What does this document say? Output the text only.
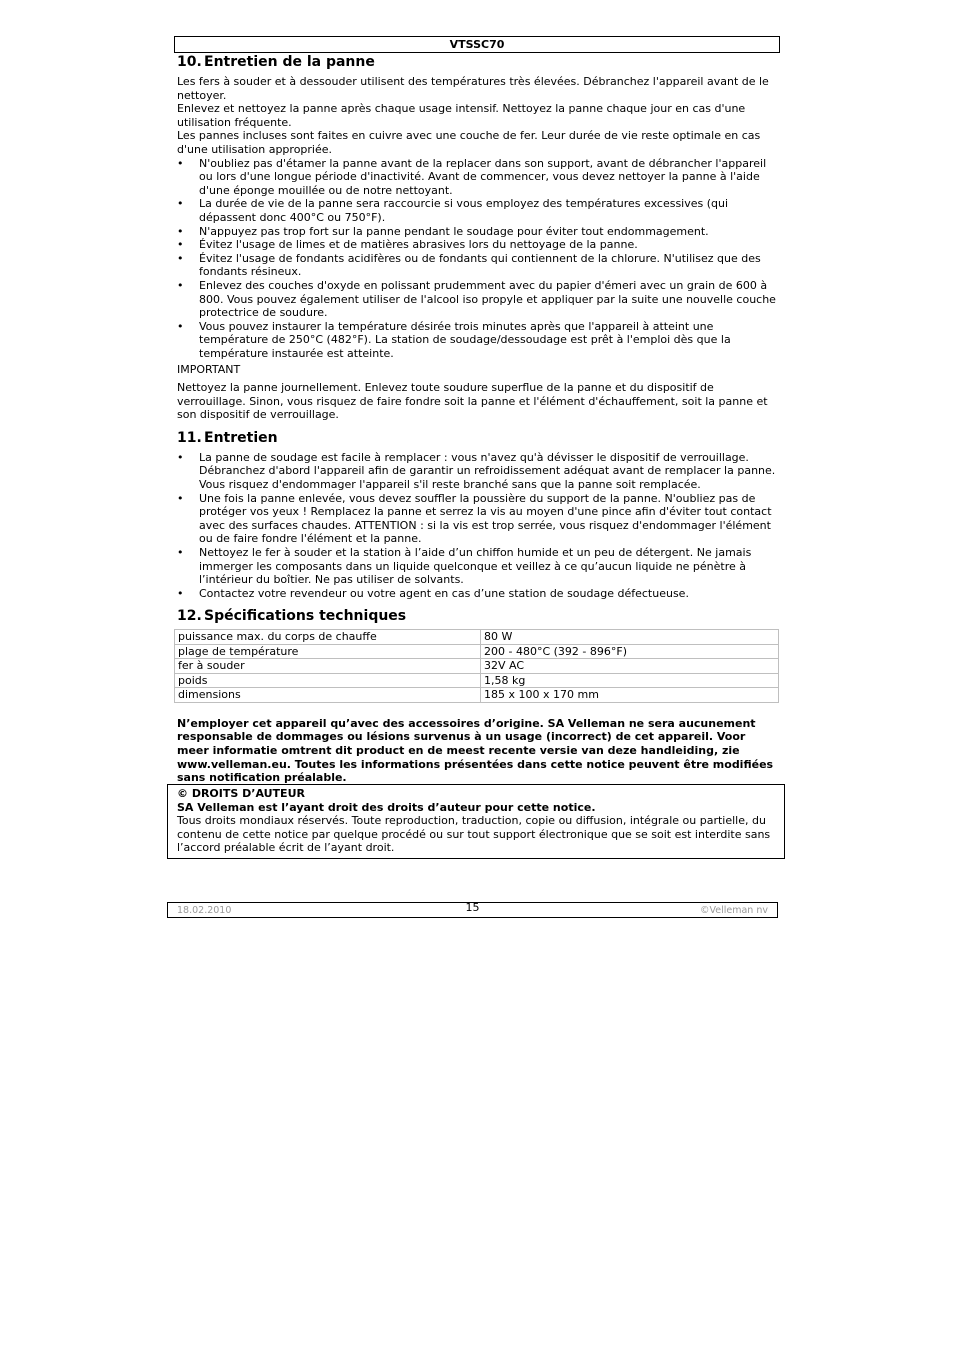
VTSSC70
10. Entretien de la panne

Les fers à souder et à dessouder utilisent des températures très élevées. Débranchez l'appareil avant de le nettoyer.

Enlevez et nettoyez la panne après chaque usage intensif. Nettoyez la panne chaque jour en cas d'une utilisation fréquente.

Les pannes incluses sont faites en cuivre avec une couche de fer. Leur durée de vie reste optimale en cas d'une utilisation appropriée.

• N'oubliez pas d'étamer la panne avant de la replacer dans son support, avant de débrancher l'appareil ou lors d'une longue période d'inactivité. Avant de commencer, vous devez nettoyer la panne à l'aide d'une éponge mouillée ou de notre nettoyant.
• La durée de vie de la panne sera raccourcie si vous employez des températures excessives (qui dépassent donc 400°C ou 750°F).
• N'appuyez pas trop fort sur la panne pendant le soudage pour éviter tout endommagement.
• Évitez l'usage de limes et de matières abrasives lors du nettoyage de la panne.
• Évitez l'usage de fondants acidifères ou de fondants qui contiennent de la chlorure. N'utilisez que des fondants résineux.
• Enlevez des couches d'oxyde en polissant prudemment avec du papier d'émeri avec un grain de 600 à 800. Vous pouvez également utiliser de l'alcool iso propyle et appliquer par la suite une nouvelle couche protectrice de soudure.
• Vous pouvez instaurer la température désirée trois minutes après que l'appareil à atteint une température de 250°C (482°F). La station de soudage/dessoudage est prêt à l'emploi dès que la température instaurée est atteinte.

IMPORTANT

Nettoyez la panne journellement. Enlevez toute soudure superflue de la panne et du dispositif de verrouillage. Sinon, vous risquez de faire fondre soit la panne et l'élément d'échauffement, soit la panne et son dispositif de verrouillage.

11. Entretien
• La panne de soudage est facile à remplacer : vous n'avez qu'à dévisser le dispositif de verrouillage. Débranchez d'abord l'appareil afin de garantir un refroidissement adéquat avant de remplacer la panne. Vous risquez d'endommager l'appareil s'il reste branché sans que la panne soit remplacée.
• Une fois la panne enlevée, vous devez souffler la poussière du support de la panne. N'oubliez pas de protéger vos yeux ! Remplacez la panne et serrez la vis au moyen d'une pince afin d'éviter tout contact avec des surfaces chaudes. ATTENTION : si la vis est trop serrée, vous risquez d'endommager l'élément ou de faire fondre l'élément et la panne.
• Nettoyez le fer à souder et la station à l’aide d’un chiffon humide et un peu de détergent. Ne jamais immerger les composants dans un liquide quelconque et veillez à ce qu’aucun liquide ne pénètre à l’intérieur du boîtier. Ne pas utiliser de solvants.
• Contactez votre revendeur ou votre agent en cas d’une station de soudage défectueuse.
12. Spécifications techniques
puissance max. du corps de chauffe	80 W
plage de température	200 - 480°C (392 - 896°F)
fer à souder	32V AC
poids	1,58 kg
dimensions	185 x 100 x 170 mm

N’employer cet appareil qu’avec des accessoires d’origine. SA Velleman ne sera aucunement responsable de dommages ou lésions survenus à un usage (incorrect) de cet appareil. Voor meer informatie omtrent dit product en de meest recente versie van deze handleiding, zie www.velleman.eu. Toutes les informations présentées dans cette notice peuvent être modifiées sans notification préalable.

© DROITS D’AUTEUR

SA Velleman est l’ayant droit des droits d’auteur pour cette notice.

Tous droits mondiaux réservés. Toute reproduction, traduction, copie ou diffusion, intégrale ou partielle, du contenu de cette notice par quelque procédé ou sur tout support électronique que se soit est interdite sans l’accord préalable écrit de l’ayant droit.

18.02.2010	15	©Velleman nv
